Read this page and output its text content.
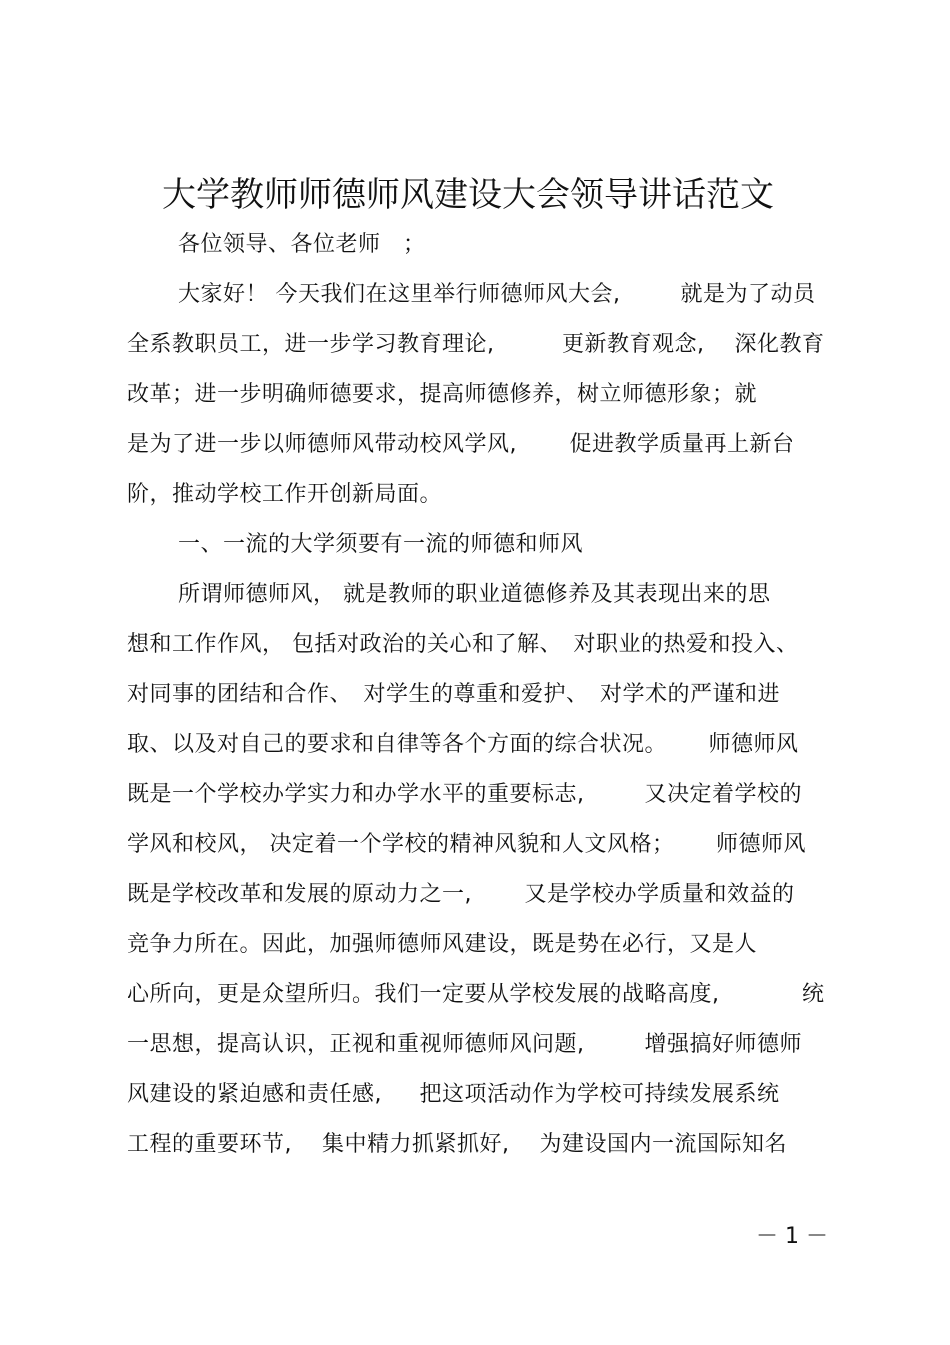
大学教师师德师风建设大会领导讲话范文
各位领导、各位老师　；
大家好！ 今天我们在这里举行师德师风大会,　　  就是为了动员
全系教职员工，进一步学习教育理论,　　   更新教育观念,　 深化教育
改革；进一步明确师德要求，提高师德修养，树立师德形象；就
是为了进一步以师德师风带动校风学风,　　 促进教学质量再上新台
阶，推动学校工作开创新局面。
一、一流的大学须要有一流的师德和师风
所谓师德师风， 就是教师的职业道德修养及其表现出来的思
想和工作作风， 包括对政治的关心和了解、　对职业的热爱和投入、
对同事的团结和合作、　对学生的尊重和爱护、　对学术的严谨和进
取、以及对自己的要求和自律等各个方面的综合状况。　　 师德师风
既是一个学校办学实力和办学水平的重要标志,　　  又决定着学校的
学风和校风， 决定着一个学校的精神风貌和人文风格；　　 师德师风
既是学校改革和发展的原动力之一,　　 又是学校办学质量和效益的
竞争力所在。因此，加强师德师风建设，既是势在必行，又是人
心所向，更是众望所归。我们一定要从学校发展的战略高度,　　　  统
一思想，提高认识，正视和重视师德师风问题,　　  增强搞好师德师
风建设的紧迫感和责任感,　  把这项活动作为学校可持续发展系统
工程的重要环节,　 集中精力抓紧抓好,　 为建设国内一流国际知名
－ 1 －
